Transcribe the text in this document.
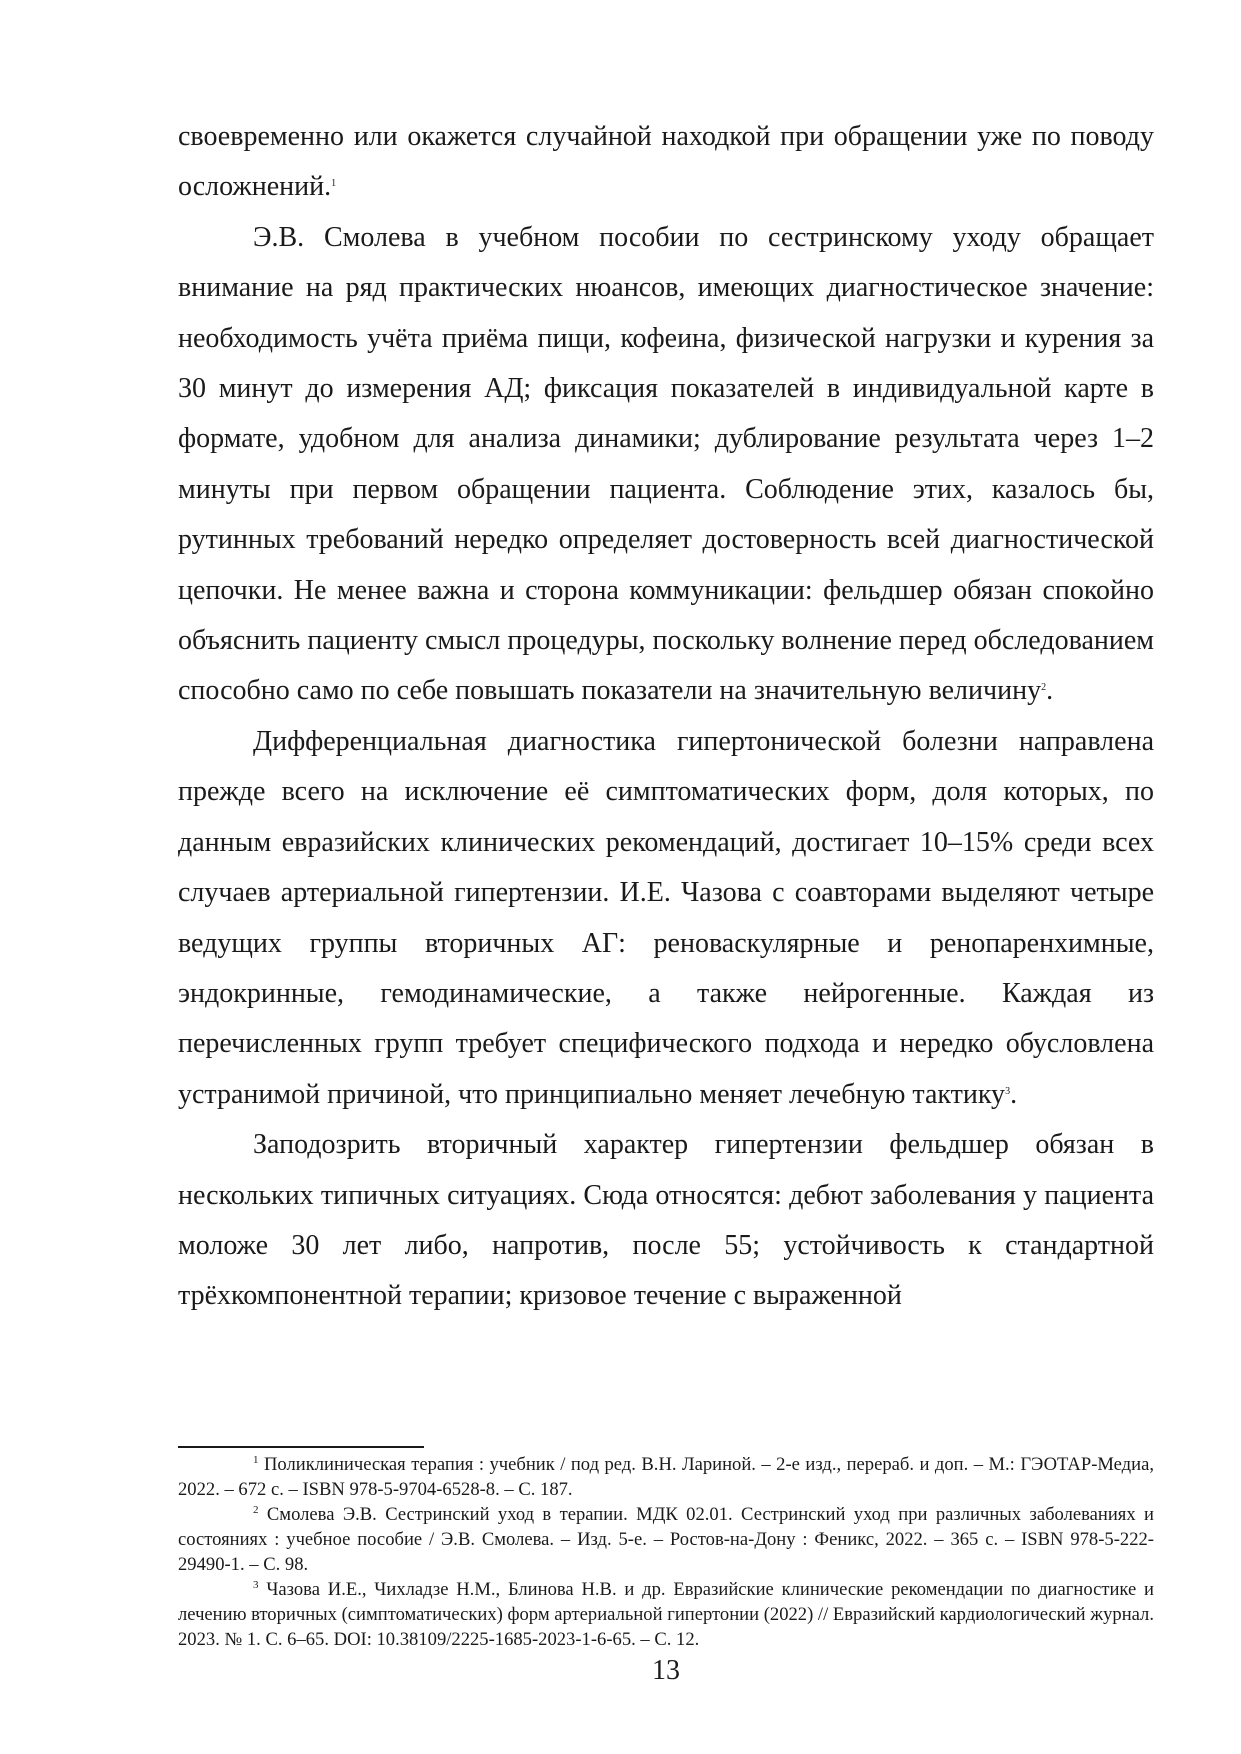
своевременно или окажется случайной находкой при обращении уже по поводу осложнений.$^1$

Э.В. Смолева в учебном пособии по сестринскому уходу обращает внимание на ряд практических нюансов, имеющих диагностическое значение: необходимость учёта приёма пищи, кофеина, физической нагрузки и курения за 30 минут до измерения АД; фиксация показателей в индивидуальной карте в формате, удобном для анализа динамики; дублирование результата через 1–2 минуты при первом обращении пациента. Соблюдение этих, казалось бы, рутинных требований нередко определяет достоверность всей диагностической цепочки. Не менее важна и сторона коммуникации: фельдшер обязан спокойно объяснить пациенту смысл процедуры, поскольку волнение перед обследованием способно само по себе повышать показатели на значительную величину$^2$.

Дифференциальная диагностика гипертонической болезни направлена прежде всего на исключение её симптоматических форм, доля которых, по данным евразийских клинических рекомендаций, достигает 10–15% среди всех случаев артериальной гипертензии. И.Е. Чазова с соавторами выделяют четыре ведущих группы вторичных АГ: реноваскулярные и ренопаренхимные, эндокринные, гемодинамические, а также нейрогенные. Каждая из перечисленных групп требует специфического подхода и нередко обусловлена устранимой причиной, что принципиально меняет лечебную тактику$^3$.

Заподозрить вторичный характер гипертензии фельдшер обязан в нескольких типичных ситуациях. Сюда относятся: дебют заболевания у пациента моложе 30 лет либо, напротив, после 55; устойчивость к стандартной трёхкомпонентной терапии; кризовое течение с выраженной

$^1$ Поликлиническая терапия : учебник / под ред. В.Н. Лариной. – 2-е изд., перераб. и доп. – М.: ГЭОТАР-Медиа, 2022. – 672 с. – ISBN 978-5-9704-6528-8. – С. 187.

$^2$ Смолева Э.В. Сестринский уход в терапии. МДК 02.01. Сестринский уход при различных заболеваниях и состояниях : учебное пособие / Э.В. Смолева. – Изд. 5-е. – Ростов-на-Дону : Феникс, 2022. – 365 с. – ISBN 978-5-222-29490-1. – С. 98.

$^3$ Чазова И.Е., Чихладзе Н.М., Блинова Н.В. и др. Евразийские клинические рекомендации по диагностике и лечению вторичных (симптоматических) форм артериальной гипертонии (2022) // Евразийский кардиологический журнал. 2023. № 1. С. 6–65. DOI: 10.38109/2225-1685-2023-1-6-65. – С. 12.

13
